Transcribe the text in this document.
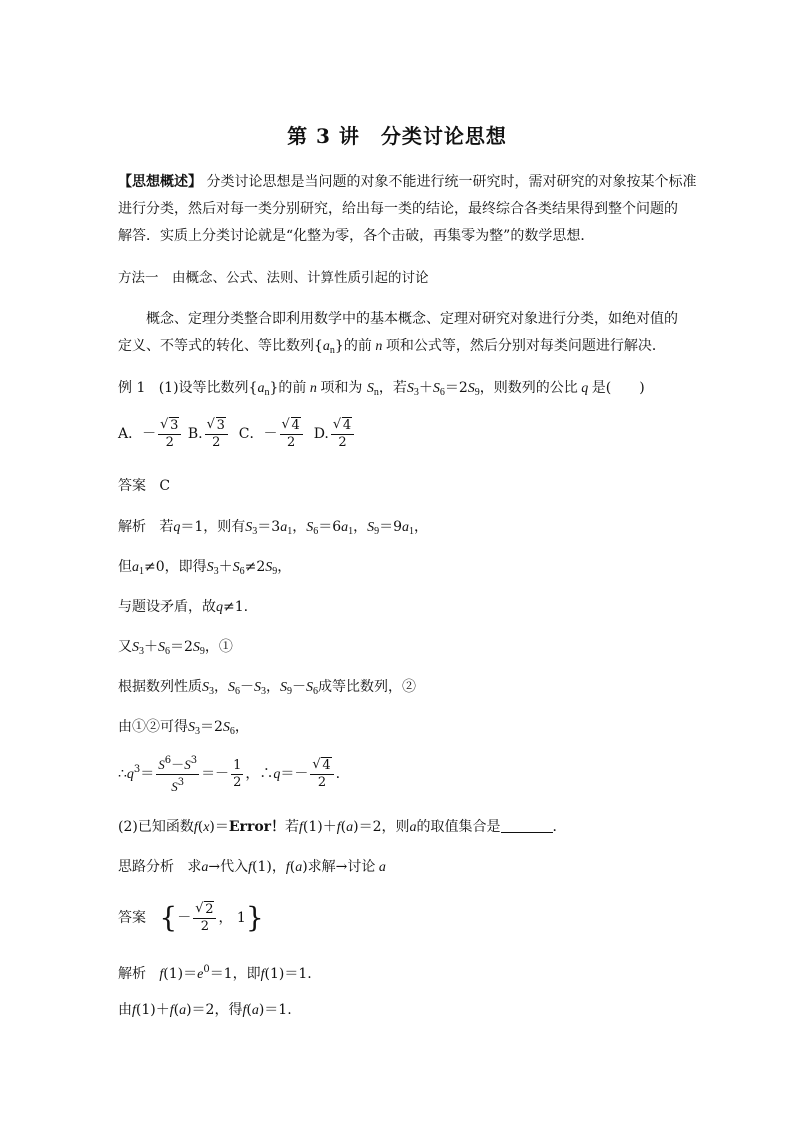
第 3 讲　分类讨论思想
【思想概述】 分类讨论思想是当问题的对象不能进行统一研究时，需对研究的对象按某个标准
进行分类，然后对每一类分别研究，给出每一类的结论，最终综合各类结果得到整个问题的
解答．实质上分类讨论就是“化整为零，各个击破，再集零为整”的数学思想．
方法一　由概念、公式、法则、计算性质引起的讨论
概念、定理分类整合即利用数学中的基本概念、定理对研究对象进行分类，如绝对值的
定义、不等式的转化、等比数列$\{a_n\}$的前 n 项和公式等，然后分别对每类问题进行解决．
例 1 (1)设等比数列$\{a_n\}$的前 n 项和为 $S_n$，若$S_3+S_6=2S_9$，则数列的公比 q 是(　　)
A．－ $\frac{√ 3}{2} B$. $\frac{√ 3}{2}$ C．－ $\frac{√ 4}{2} D$. $\frac{√ 4}{2}$
答案 C
解析 若q＝1，则有$S_3=3a_1$，$S_6=6a_1$，$S_9=9a_1$，
但$a_1\ne 0$，即得$S_3+S_6\ne 2S_9$，
与题设矛盾，故q≠1.
又$S_3+S_6=2S_9$，①
根据数列性质$S_3$，$S_6-S_3$，$S_9-S_6$成等比数列，②
由①②可得$S_3=2S_6$，
$\therefore q^3= \frac{S^6-S^3}{S^3} =- \frac{1}{2}$ ，∴q＝－ $\frac{√ 4}{2}$ .
(2)已知函数f(x)＝Error！若f(1)＋f(a)＝2，则a的取值集合是	．
思路分析 求a→代入f(1)，f(a)求解→讨论 a
答案 {－ $\frac{√ 2}{2}$ ， 1}
解析 $f(1)=e^0=1$，即f(1)＝1.
由f(1)＋f(a)＝2，得f(a)＝1.
